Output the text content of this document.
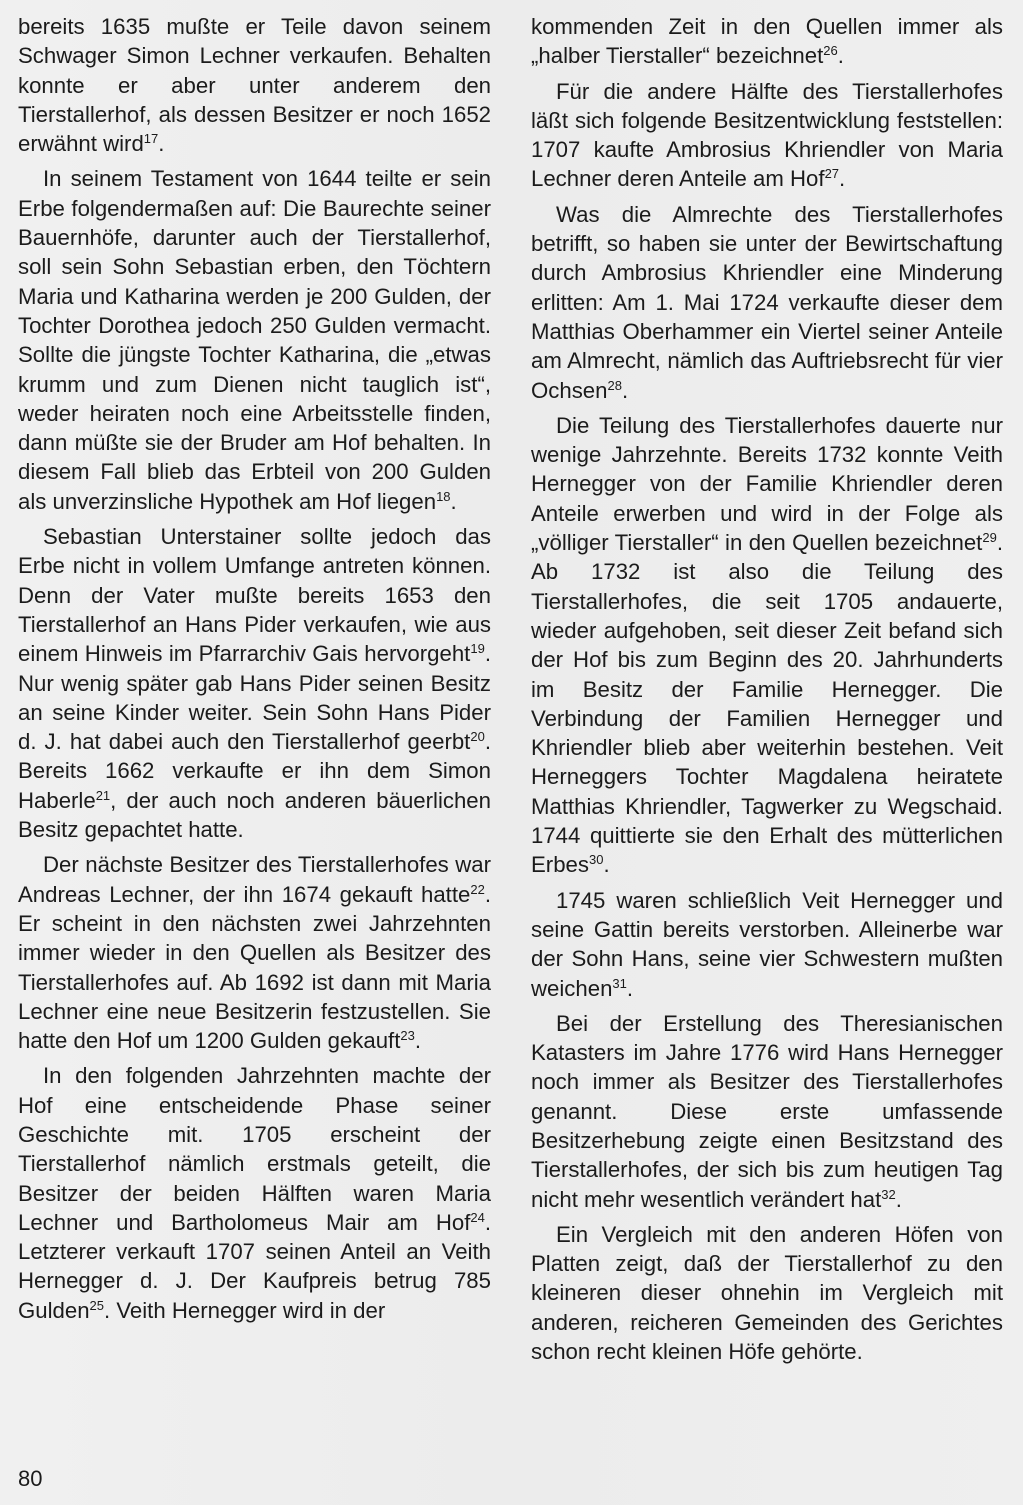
bereits 1635 mußte er Teile davon seinem Schwager Simon Lechner verkaufen. Behalten konnte er aber unter anderem den Tierstallerhof, als dessen Besitzer er noch 1652 erwähnt wird$^{17}$.

In seinem Testament von 1644 teilte er sein Erbe folgendermaßen auf: Die Baurechte seiner Bauernhöfe, darunter auch der Tierstallerhof, soll sein Sohn Sebastian erben, den Töchtern Maria und Katharina werden je 200 Gulden, der Tochter Dorothea jedoch 250 Gulden vermacht. Sollte die jüngste Tochter Katharina, die „etwas krumm und zum Dienen nicht tauglich ist“, weder heiraten noch eine Arbeitsstelle finden, dann müßte sie der Bruder am Hof behalten. In diesem Fall blieb das Erbteil von 200 Gulden als unverzinsliche Hypothek am Hof liegen$^{18}$.

Sebastian Unterstainer sollte jedoch das Erbe nicht in vollem Umfange antreten können. Denn der Vater mußte bereits 1653 den Tierstallerhof an Hans Pider verkaufen, wie aus einem Hinweis im Pfarrarchiv Gais hervorgeht$^{19}$. Nur wenig später gab Hans Pider seinen Besitz an seine Kinder weiter. Sein Sohn Hans Pider d. J. hat dabei auch den Tierstallerhof geerbt$^{20}$. Bereits 1662 verkaufte er ihn dem Simon Haberle$^{21}$, der auch noch anderen bäuerlichen Besitz gepachtet hatte.

Der nächste Besitzer des Tierstallerhofes war Andreas Lechner, der ihn 1674 gekauft hatte$^{22}$. Er scheint in den nächsten zwei Jahrzehnten immer wieder in den Quellen als Besitzer des Tierstallerhofes auf. Ab 1692 ist dann mit Maria Lechner eine neue Besitzerin festzustellen. Sie hatte den Hof um 1200 Gulden gekauft$^{23}$.

In den folgenden Jahrzehnten machte der Hof eine entscheidende Phase seiner Geschichte mit. 1705 erscheint der Tierstallerhof nämlich erstmals geteilt, die Besitzer der beiden Hälften waren Maria Lechner und Bartholomeus Mair am Hof$^{24}$. Letzterer verkauft 1707 seinen Anteil an Veith Hernegger d. J. Der Kaufpreis betrug 785 Gulden$^{25}$. Veith Hernegger wird in der

kommenden Zeit in den Quellen immer als „halber Tierstaller“ bezeichnet$^{26}$.

Für die andere Hälfte des Tierstallerhofes läßt sich folgende Besitzentwicklung feststellen: 1707 kaufte Ambrosius Khriendler von Maria Lechner deren Anteile am Hof$^{27}$.

Was die Almrechte des Tierstallerhofes betrifft, so haben sie unter der Bewirtschaftung durch Ambrosius Khriendler eine Minderung erlitten: Am 1. Mai 1724 verkaufte dieser dem Matthias Oberhammer ein Viertel seiner Anteile am Almrecht, nämlich das Auftriebsrecht für vier Ochsen$^{28}$.

Die Teilung des Tierstallerhofes dauerte nur wenige Jahrzehnte. Bereits 1732 konnte Veith Hernegger von der Familie Khriendler deren Anteile erwerben und wird in der Folge als „völliger Tierstaller“ in den Quellen bezeichnet$^{29}$. Ab 1732 ist also die Teilung des Tierstallerhofes, die seit 1705 andauerte, wieder aufgehoben, seit dieser Zeit befand sich der Hof bis zum Beginn des 20. Jahrhunderts im Besitz der Familie Hernegger. Die Verbindung der Familien Hernegger und Khriendler blieb aber weiterhin bestehen. Veit Herneggers Tochter Magdalena heiratete Matthias Khriendler, Tagwerker zu Wegschaid. 1744 quittierte sie den Erhalt des mütterlichen Erbes$^{30}$.

1745 waren schließlich Veit Hernegger und seine Gattin bereits verstorben. Alleinerbe war der Sohn Hans, seine vier Schwestern mußten weichen$^{31}$.

Bei der Erstellung des Theresianischen Katasters im Jahre 1776 wird Hans Hernegger noch immer als Besitzer des Tierstallerhofes genannt. Diese erste umfassende Besitzerhebung zeigte einen Besitzstand des Tierstallerhofes, der sich bis zum heutigen Tag nicht mehr wesentlich verändert hat$^{32}$.

Ein Vergleich mit den anderen Höfen von Platten zeigt, daß der Tierstallerhof zu den kleineren dieser ohnehin im Vergleich mit anderen, reicheren Gemeinden des Gerichtes schon recht kleinen Höfe gehörte.

80
